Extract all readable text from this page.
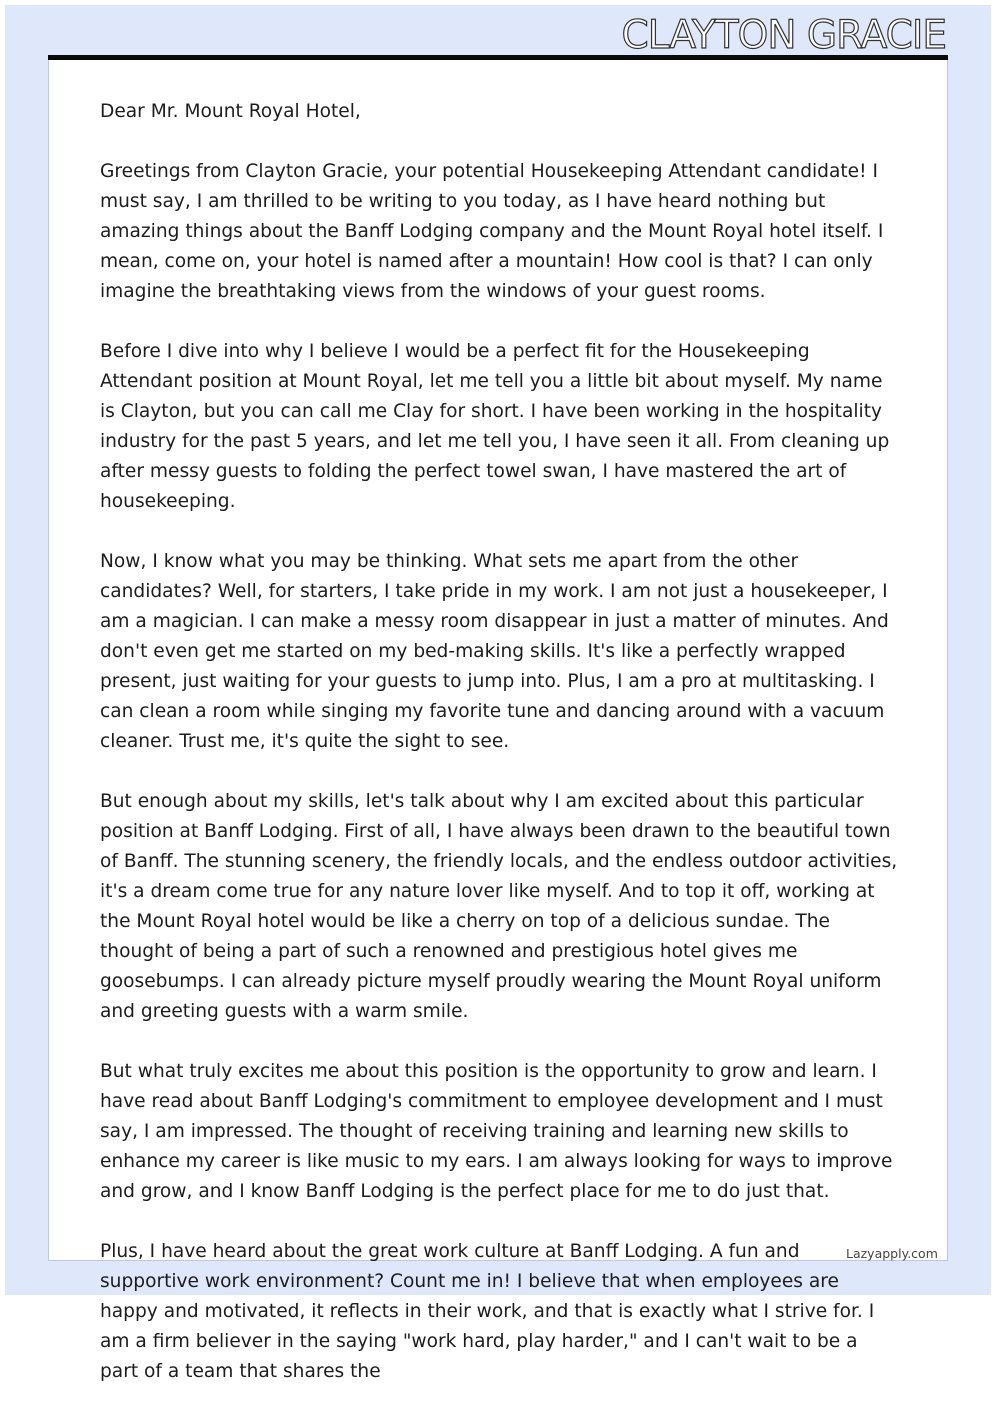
CLAYTON GRACIE

Dear Mr. Mount Royal Hotel,

Greetings from Clayton Gracie, your potential Housekeeping Attendant candidate! I must say, I am thrilled to be writing to you today, as I have heard nothing but amazing things about the Banff Lodging company and the Mount Royal hotel itself. I mean, come on, your hotel is named after a mountain! How cool is that? I can only imagine the breathtaking views from the windows of your guest rooms.

Before I dive into why I believe I would be a perfect fit for the Housekeeping Attendant position at Mount Royal, let me tell you a little bit about myself. My name is Clayton, but you can call me Clay for short. I have been working in the hospitality industry for the past 5 years, and let me tell you, I have seen it all. From cleaning up after messy guests to folding the perfect towel swan, I have mastered the art of housekeeping.

Now, I know what you may be thinking. What sets me apart from the other candidates? Well, for starters, I take pride in my work. I am not just a housekeeper, I am a magician. I can make a messy room disappear in just a matter of minutes. And don't even get me started on my bed-making skills. It's like a perfectly wrapped present, just waiting for your guests to jump into. Plus, I am a pro at multitasking. I can clean a room while singing my favorite tune and dancing around with a vacuum cleaner. Trust me, it's quite the sight to see.

But enough about my skills, let's talk about why I am excited about this particular position at Banff Lodging. First of all, I have always been drawn to the beautiful town of Banff. The stunning scenery, the friendly locals, and the endless outdoor activities, it's a dream come true for any nature lover like myself. And to top it off, working at the Mount Royal hotel would be like a cherry on top of a delicious sundae. The thought of being a part of such a renowned and prestigious hotel gives me goosebumps. I can already picture myself proudly wearing the Mount Royal uniform and greeting guests with a warm smile.

But what truly excites me about this position is the opportunity to grow and learn. I have read about Banff Lodging's commitment to employee development and I must say, I am impressed. The thought of receiving training and learning new skills to enhance my career is like music to my ears. I am always looking for ways to improve and grow, and I know Banff Lodging is the perfect place for me to do just that.

Plus, I have heard about the great work culture at Banff Lodging. A fun and supportive work environment? Count me in! I believe that when employees are happy and motivated, it reflects in their work, and that is exactly what I strive for. I am a firm believer in the saying "work hard, play harder," and I can't wait to be a part of a team that shares the

Lazyapply.com
